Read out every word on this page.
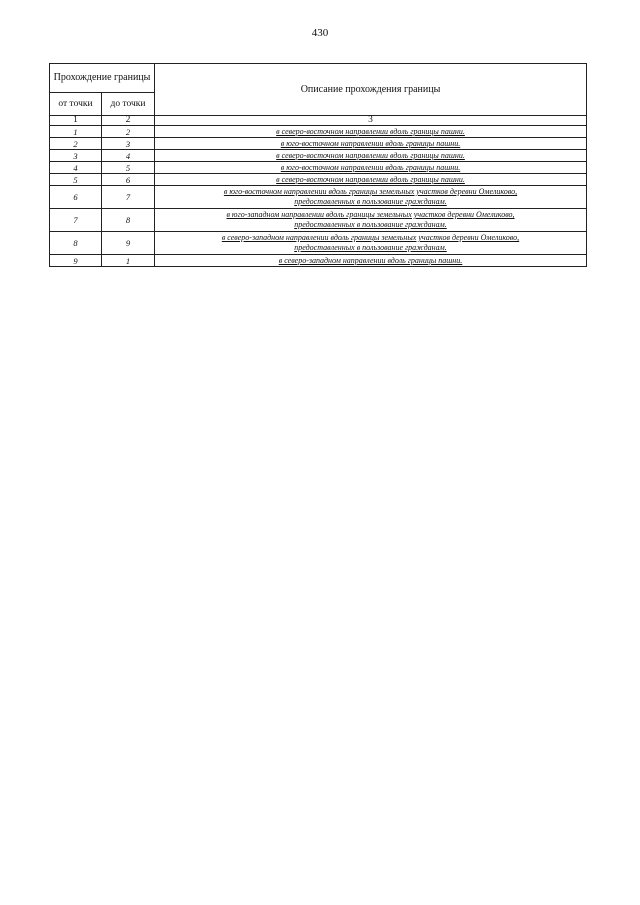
430
Прохождение границы		Описание прохождения границы
от точки	до точки	
1	2	3
1	2	в северо-восточном направлении вдоль границы пашни.
2	3	в юго-восточном направлении вдоль границы пашни.
3	4	в северо-восточном направлении вдоль границы пашни.
4	5	в юго-восточном направлении вдоль границы пашни.
5	6	в северо-восточном направлении вдоль границы пашни.
6	7	в юго-восточном направлении вдоль границы земельных участков деревни Омеликово,
предоставленных в пользование гражданам.
7	8	в юго-западном направлении вдоль границы земельных участков деревни Омеликово,
предоставленных в пользование гражданам.
8	9	в северо-западном направлении вдоль границы земельных участков деревни Омеликово,
предоставленных в пользование гражданам.
9	1	в северо-западном направлении вдоль границы пашни.
